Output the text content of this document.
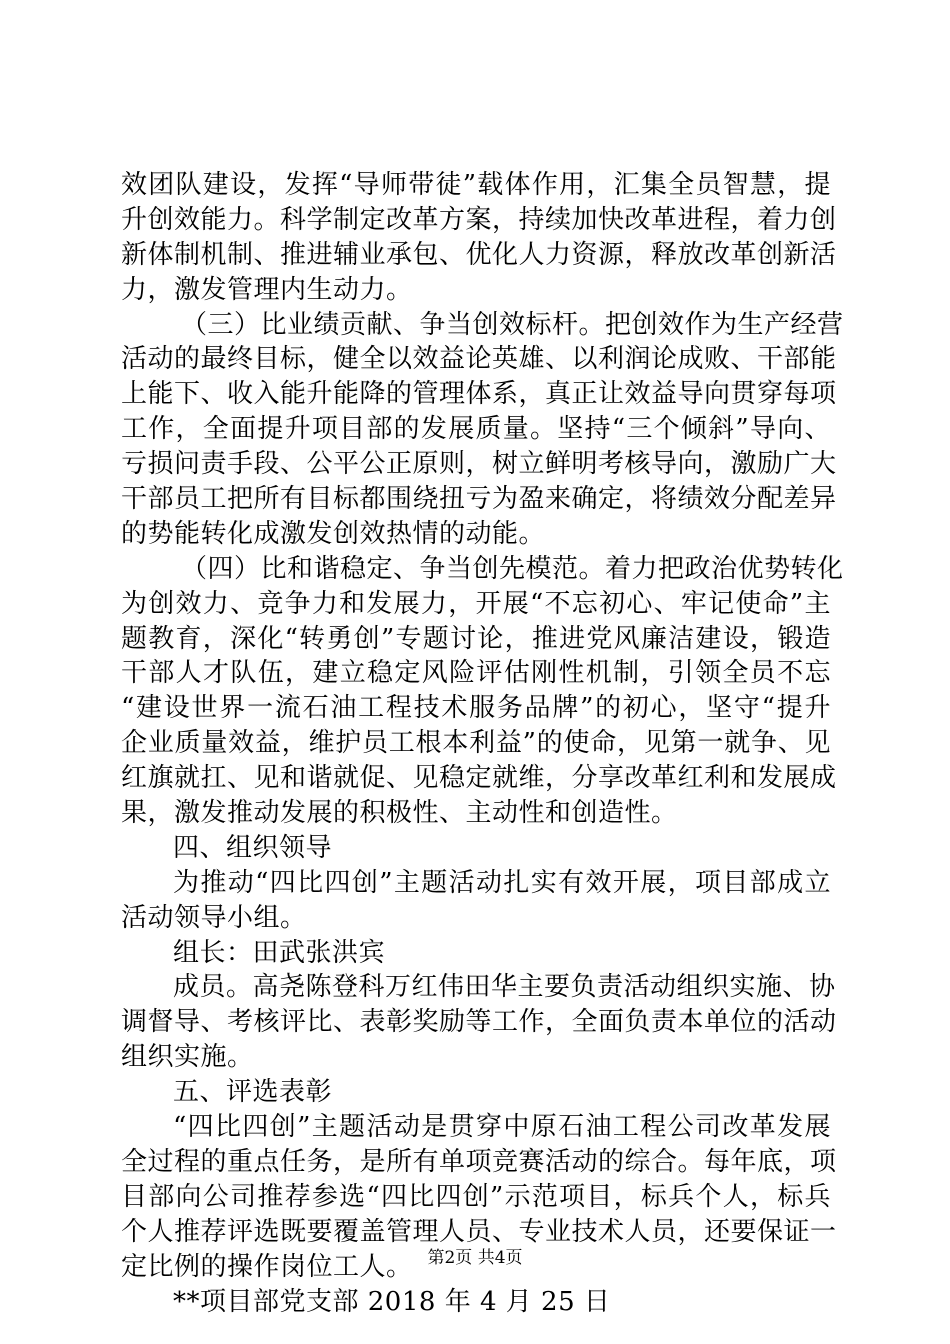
效团队建设，发挥“导师带徒”载体作用，汇集全员智慧，提
升创效能力。科学制定改革方案，持续加快改革进程，着力创
新体制机制、推进辅业承包、优化人力资源，释放改革创新活
力，激发管理内生动力。
（三）比业绩贡献、争当创效标杆。把创效作为生产经营
活动的最终目标，健全以效益论英雄、以利润论成败、干部能
上能下、收入能升能降的管理体系，真正让效益导向贯穿每项
工作，全面提升项目部的发展质量。坚持“三个倾斜”导向、
亏损问责手段、公平公正原则，树立鲜明考核导向，激励广大
干部员工把所有目标都围绕扭亏为盈来确定，将绩效分配差异
的势能转化成激发创效热情的动能。
（四）比和谐稳定、争当创先模范。着力把政治优势转化
为创效力、竞争力和发展力，开展“不忘初心、牢记使命”主
题教育，深化“转勇创”专题讨论，推进党风廉洁建设，锻造
干部人才队伍，建立稳定风险评估刚性机制，引领全员不忘
“建设世界一流石油工程技术服务品牌”的初心，坚守“提升
企业质量效益，维护员工根本利益”的使命，见第一就争、见
红旗就扛、见和谐就促、见稳定就维，分享改革红利和发展成
果，激发推动发展的积极性、主动性和创造性。
四、组织领导
为推动“四比四创”主题活动扎实有效开展，项目部成立
活动领导小组。
组长：田武张洪宾
成员。高尧陈登科万红伟田华主要负责活动组织实施、协
调督导、考核评比、表彰奖励等工作，全面负责本单位的活动
组织实施。
五、评选表彰
“四比四创”主题活动是贯穿中原石油工程公司改革发展
全过程的重点任务，是所有单项竞赛活动的综合。每年底，项
目部向公司推荐参选“四比四创”示范项目，标兵个人，标兵
个人推荐评选既要覆盖管理人员、专业技术人员，还要保证一
定比例的操作岗位工人。
**项目部党支部 2018 年 4 月 25 日
第2页 共4页
